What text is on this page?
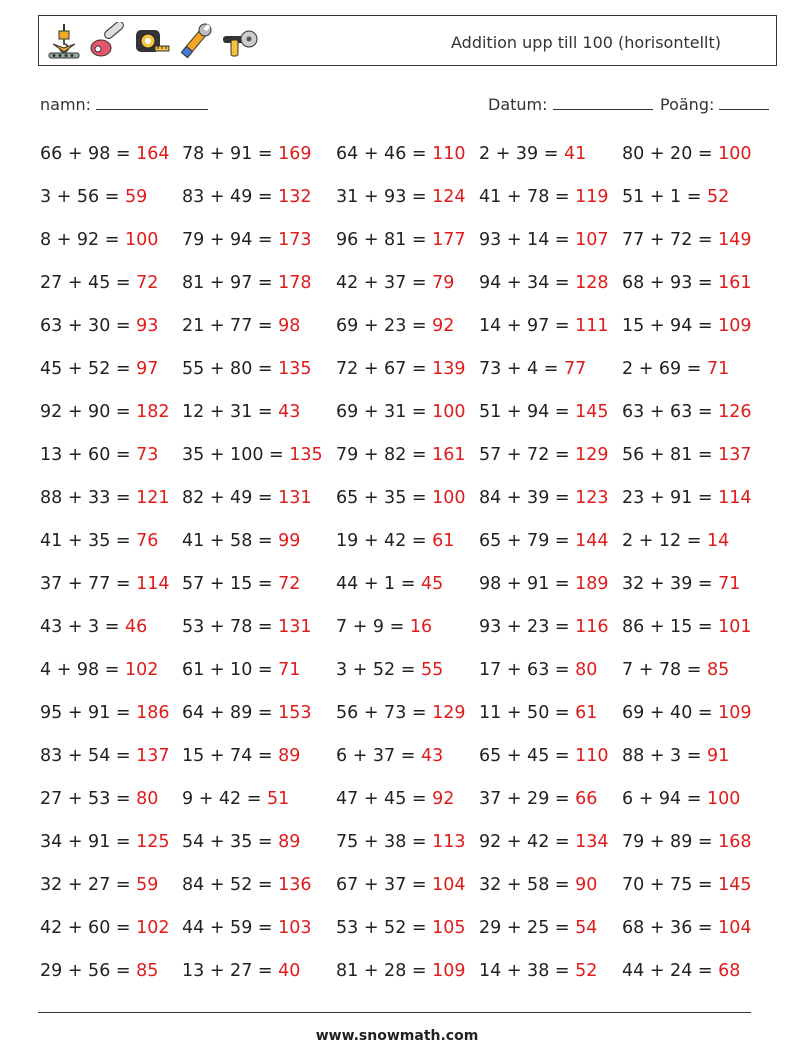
Addition upp till 100 (horisontellt)
namn:	Datum:	Poäng:
66 + 98 = 164 78 + 91 = 169	64 + 46 = 110 2 + 39 = 41	80 + 20 = 100
3 + 56 = 59	83 + 49 = 132	31 + 93 = 124 41 + 78 = 119 51 + 1 = 52
8 + 92 = 100	79 + 94 = 173	96 + 81 = 177 93 + 14 = 107 77 + 72 = 149
27 + 45 = 72	81 + 97 = 178	42 + 37 = 79	94 + 34 = 128 68 + 93 = 161
63 + 30 = 93	21 + 77 = 98	69 + 23 = 92	14 + 97 = 111 15 + 94 = 109
45 + 52 = 97	55 + 80 = 135	72 + 67 = 139 73 + 4 = 77	2 + 69 = 71
92 + 90 = 182 12 + 31 = 43	69 + 31 = 100 51 + 94 = 145 63 + 63 = 126
13 + 60 = 73	35 + 100 = 135 79 + 82 = 161 57 + 72 = 129 56 + 81 = 137
88 + 33 = 121 82 + 49 = 131	65 + 35 = 100 84 + 39 = 123 23 + 91 = 114
41 + 35 = 76	41 + 58 = 99	19 + 42 = 61	65 + 79 = 144 2 + 12 = 14
37 + 77 = 114 57 + 15 = 72	44 + 1 = 45	98 + 91 = 189 32 + 39 = 71
43 + 3 = 46	53 + 78 = 131	7 + 9 = 16	93 + 23 = 116 86 + 15 = 101
4 + 98 = 102	61 + 10 = 71	3 + 52 = 55	17 + 63 = 80	7 + 78 = 85
95 + 91 = 186 64 + 89 = 153	56 + 73 = 129 11 + 50 = 61	69 + 40 = 109
83 + 54 = 137 15 + 74 = 89	6 + 37 = 43	65 + 45 = 110 88 + 3 = 91
27 + 53 = 80	9 + 42 = 51	47 + 45 = 92	37 + 29 = 66	6 + 94 = 100
34 + 91 = 125 54 + 35 = 89	75 + 38 = 113 92 + 42 = 134 79 + 89 = 168
32 + 27 = 59	84 + 52 = 136	67 + 37 = 104 32 + 58 = 90	70 + 75 = 145
42 + 60 = 102 44 + 59 = 103	53 + 52 = 105 29 + 25 = 54	68 + 36 = 104
29 + 56 = 85	13 + 27 = 40	81 + 28 = 109 14 + 38 = 52	44 + 24 = 68
www.snowmath.com
